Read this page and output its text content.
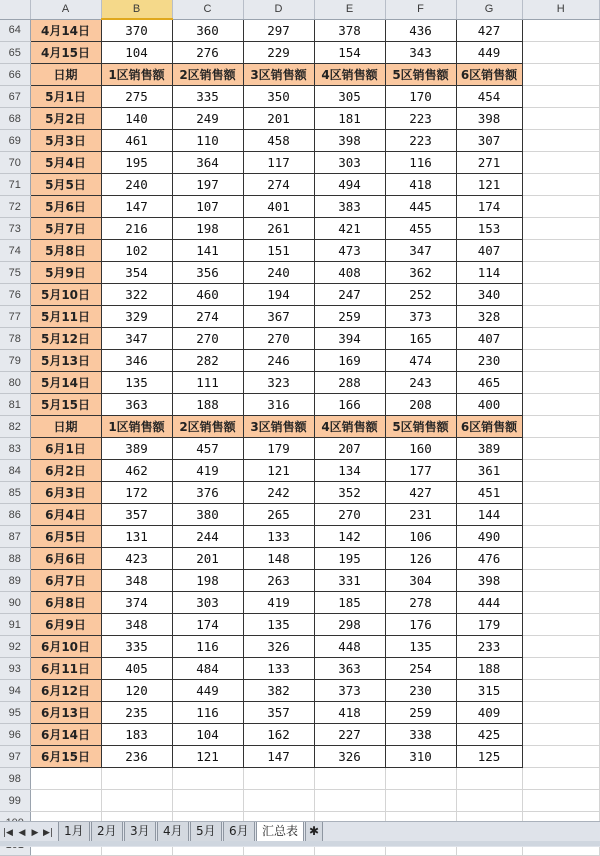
	A	B	C	D	E	F	G	H
64	4月14日	370	360	297	378	436	427	
65	4月15日	104	276	229	154	343	449	
66	日期	1区销售额	2区销售额	3区销售额	4区销售额	5区销售额	6区销售额	
67	5月1日	275	335	350	305	170	454	
68	5月2日	140	249	201	181	223	398	
69	5月3日	461	110	458	398	223	307	
70	5月4日	195	364	117	303	116	271	
71	5月5日	240	197	274	494	418	121	
72	5月6日	147	107	401	383	445	174	
73	5月7日	216	198	261	421	455	153	
74	5月8日	102	141	151	473	347	407	
75	5月9日	354	356	240	408	362	114	
76	5月10日	322	460	194	247	252	340	
77	5月11日	329	274	367	259	373	328	
78	5月12日	347	270	270	394	165	407	
79	5月13日	346	282	246	169	474	230	
80	5月14日	135	111	323	288	243	465	
81	5月15日	363	188	316	166	208	400	
82	日期	1区销售额	2区销售额	3区销售额	4区销售额	5区销售额	6区销售额	
83	6月1日	389	457	179	207	160	389	
84	6月2日	462	419	121	134	177	361	
85	6月3日	172	376	242	352	427	451	
86	6月4日	357	380	265	270	231	144	
87	6月5日	131	244	133	142	106	490	
88	6月6日	423	201	148	195	126	476	
89	6月7日	348	198	263	331	304	398	
90	6月8日	374	303	419	185	278	444	
91	6月9日	348	174	135	298	176	179	
92	6月10日	335	116	326	448	135	233	
93	6月11日	405	484	133	363	254	188	
94	6月12日	120	449	382	373	230	315	
95	6月13日	235	116	357	418	259	409	
96	6月14日	183	104	162	227	338	425	
97	6月15日	236	121	147	326	310	125	
98								
99								

|◀ ◀ ▶ ▶| 1月	2月	3月	4月	5月	6月	汇总表 ✱
